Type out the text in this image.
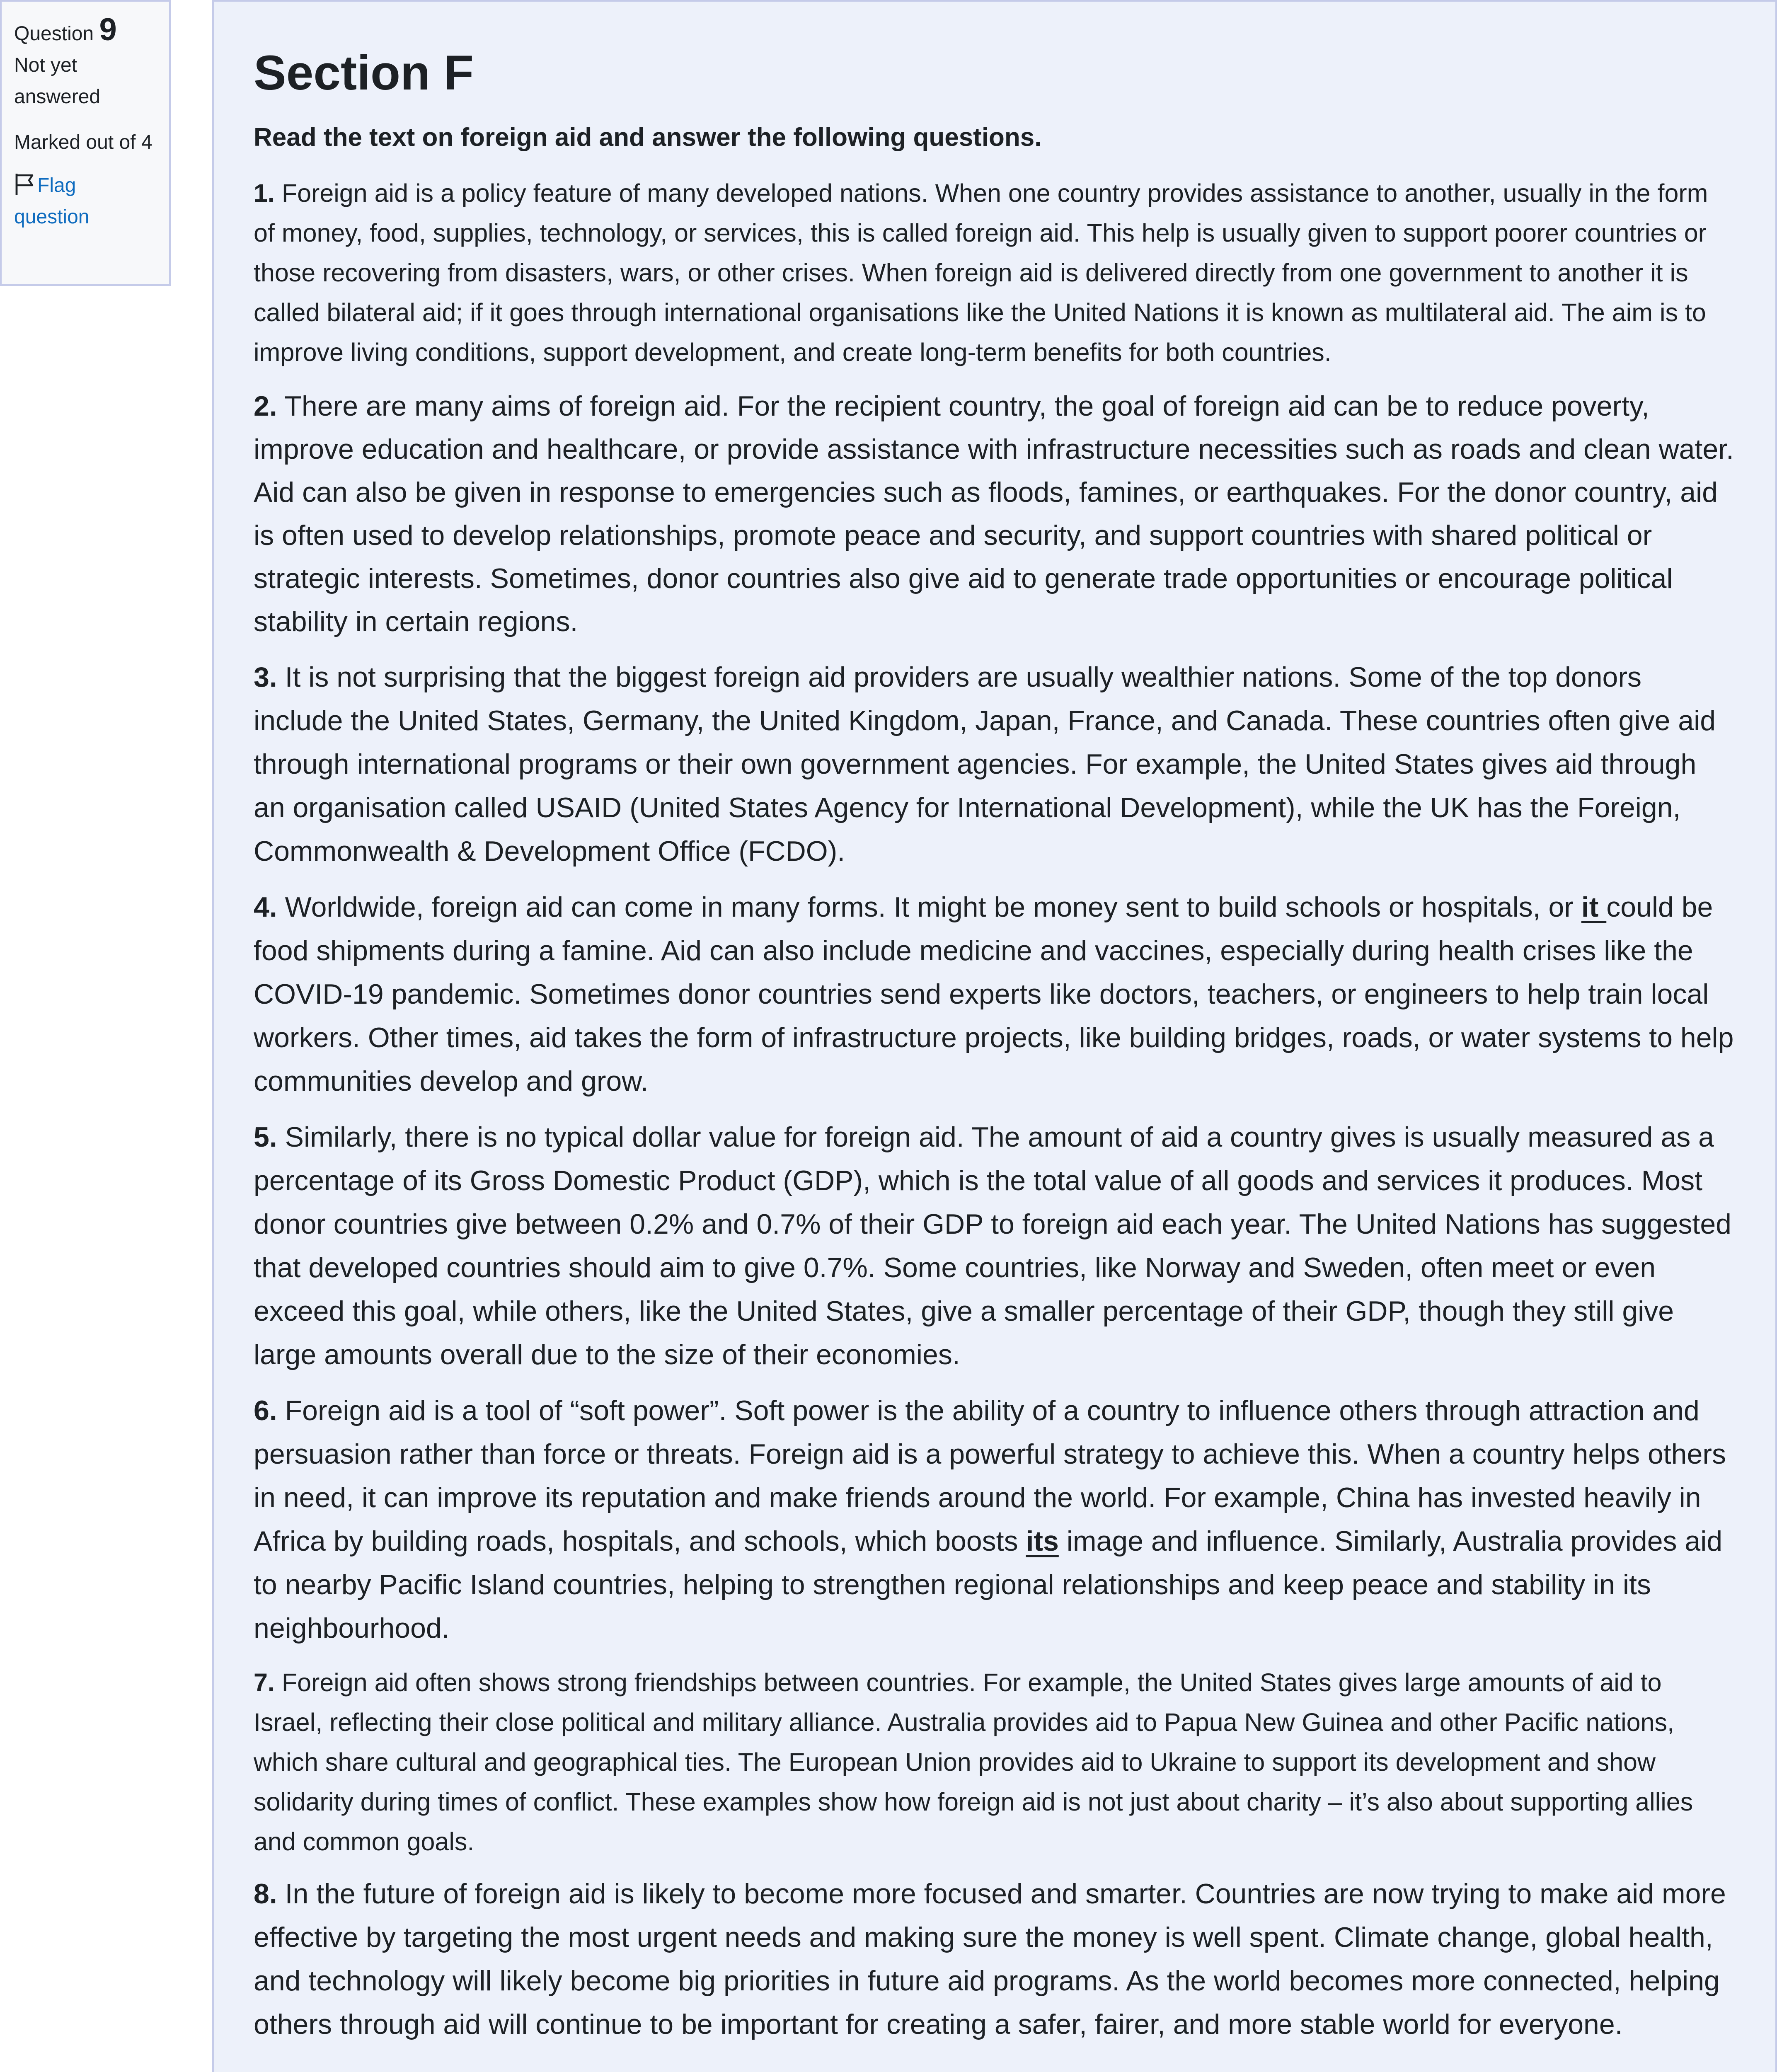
Question 9
Not yet answered
Marked out of 4
Flag question
Section F
Read the text on foreign aid and answer the following questions.

1. Foreign aid is a policy feature of many developed nations. When one country provides assistance to another, usually in the form of money, food, supplies, technology, or services, this is called foreign aid. This help is usually given to support poorer countries or those recovering from disasters, wars, or other crises. When foreign aid is delivered directly from one government to another it is called bilateral aid; if it goes through international organisations like the United Nations it is known as multilateral aid. The aim is to improve living conditions, support development, and create long-term benefits for both countries.

2. There are many aims of foreign aid. For the recipient country, the goal of foreign aid can be to reduce poverty, improve education and healthcare, or provide assistance with infrastructure necessities such as roads and clean water. Aid can also be given in response to emergencies such as floods, famines, or earthquakes. For the donor country, aid is often used to develop relationships, promote peace and security, and support countries with shared political or strategic interests. Sometimes, donor countries also give aid to generate trade opportunities or encourage political stability in certain regions.

3. It is not surprising that the biggest foreign aid providers are usually wealthier nations. Some of the top donors include the United States, Germany, the United Kingdom, Japan, France, and Canada. These countries often give aid through international programs or their own government agencies. For example, the United States gives aid through an organisation called USAID (United States Agency for International Development), while the UK has the Foreign, Commonwealth & Development Office (FCDO).

4. Worldwide, foreign aid can come in many forms. It might be money sent to build schools or hospitals, or it could be food shipments during a famine. Aid can also include medicine and vaccines, especially during health crises like the COVID-19 pandemic. Sometimes donor countries send experts like doctors, teachers, or engineers to help train local workers. Other times, aid takes the form of infrastructure projects, like building bridges, roads, or water systems to help communities develop and grow.

5. Similarly, there is no typical dollar value for foreign aid. The amount of aid a country gives is usually measured as a percentage of its Gross Domestic Product (GDP), which is the total value of all goods and services it produces. Most donor countries give between 0.2% and 0.7% of their GDP to foreign aid each year. The United Nations has suggested that developed countries should aim to give 0.7%. Some countries, like Norway and Sweden, often meet or even exceed this goal, while others, like the United States, give a smaller percentage of their GDP, though they still give large amounts overall due to the size of their economies.

6. Foreign aid is a tool of “soft power”. Soft power is the ability of a country to influence others through attraction and persuasion rather than force or threats. Foreign aid is a powerful strategy to achieve this. When a country helps others in need, it can improve its reputation and make friends around the world. For example, China has invested heavily in Africa by building roads, hospitals, and schools, which boosts its image and influence. Similarly, Australia provides aid to nearby Pacific Island countries, helping to strengthen regional relationships and keep peace and stability in its neighbourhood.

7. Foreign aid often shows strong friendships between countries. For example, the United States gives large amounts of aid to Israel, reflecting their close political and military alliance. Australia provides aid to Papua New Guinea and other Pacific nations, which share cultural and geographical ties. The European Union provides aid to Ukraine to support its development and show solidarity during times of conflict. These examples show how foreign aid is not just about charity – it’s also about supporting allies and common goals.

8. In the future of foreign aid is likely to become more focused and smarter. Countries are now trying to make aid more effective by targeting the most urgent needs and making sure the money is well spent. Climate change, global health, and technology will likely become big priorities in future aid programs. As the world becomes more connected, helping others through aid will continue to be important for creating a safer, fairer, and more stable world for everyone.
